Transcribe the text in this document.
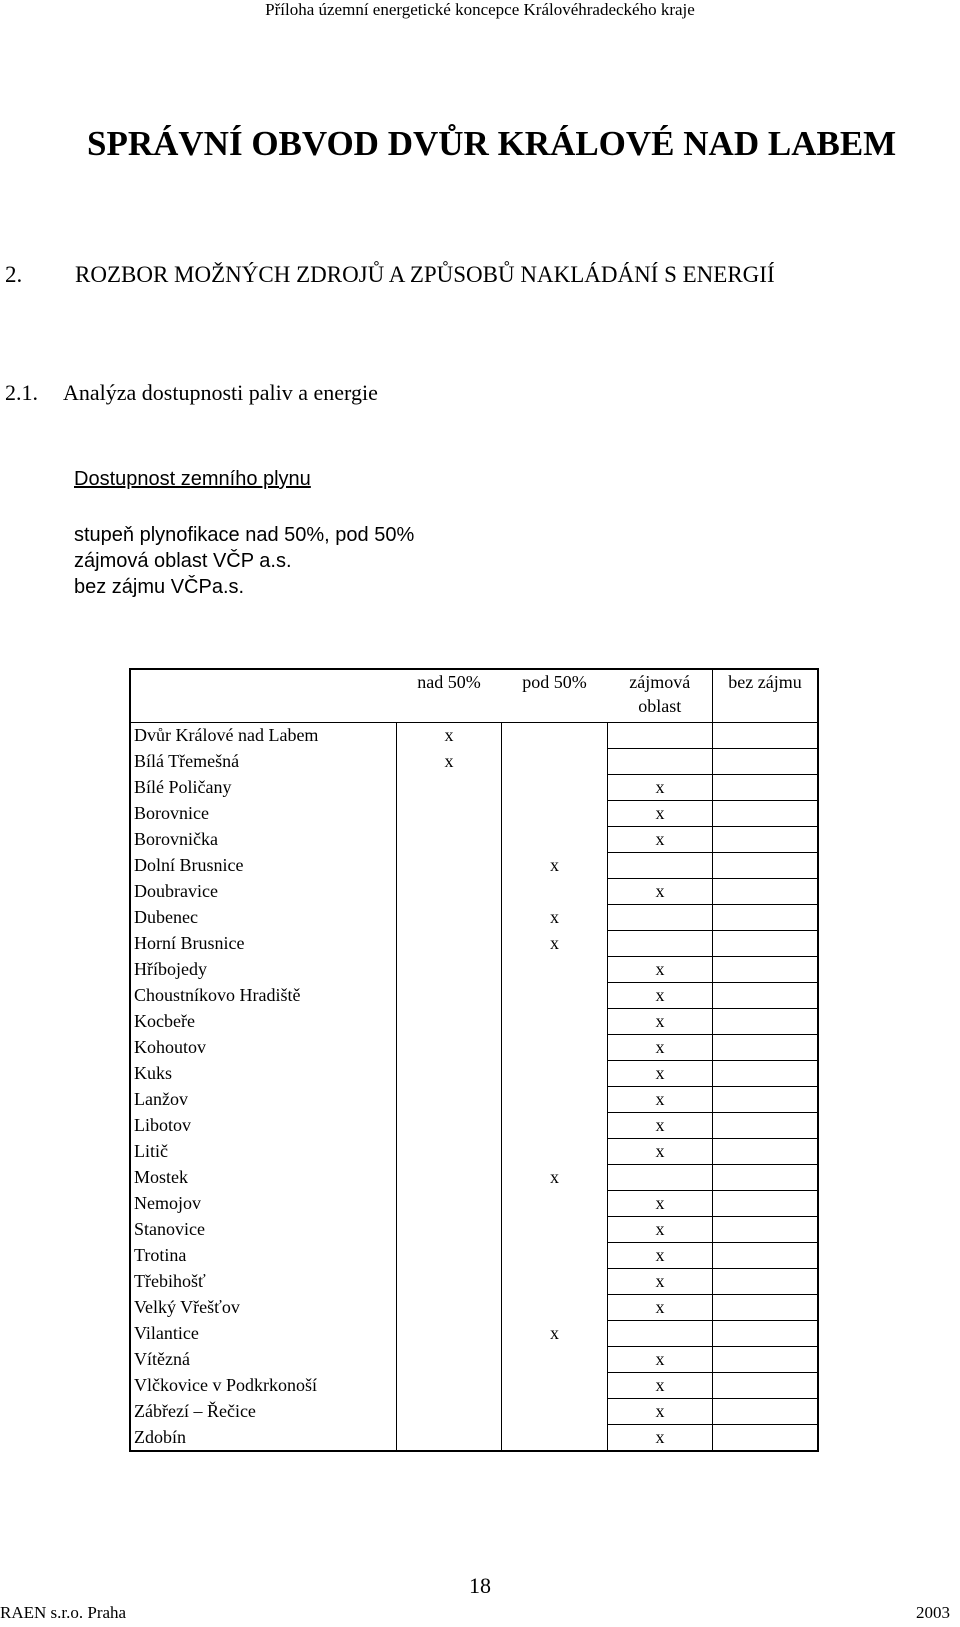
Příloha územní energetické koncepce Královéhradeckého kraje
SPRÁVNÍ OBVOD DVŮR KRÁLOVÉ NAD LABEM
2. ROZBOR MOŽNÝCH ZDROJŮ A ZPŮSOBŮ NAKLÁDÁNÍ S ENERGIÍ
2.1. Analýza dostupnosti paliv a energie
Dostupnost zemního plynu
stupeň plynofikace nad 50%, pod 50%
zájmová oblast VČP a.s.
bez zájmu VČPa.s.
	nad 50%	pod 50%	zájmová oblast	bez zájmu
Dvůr Králové nad Labem	x			
Bílá Třemešná	x			
Bílé Poličany			x	
Borovnice			x	
Borovnička			x	
Dolní Brusnice		x		
Doubravice			x	
Dubenec		x		
Horní Brusnice		x		
Hříbojedy			x	
Choustníkovo Hradiště			x	
Kocbeře			x	
Kohoutov			x	
Kuks			x	
Lanžov			x	
Libotov			x	
Litič			x	
Mostek		x		
Nemojov			x	
Stanovice			x	
Trotina			x	
Třebihošť			x	
Velký Vřešťov			x	
Vilantice		x		
Vítězná			x	
Vlčkovice v Podkrkonoší			x	
Zábřezí – Řečice			x	
Zdobín			x	
18
RAEN s.r.o. Praha	2003
